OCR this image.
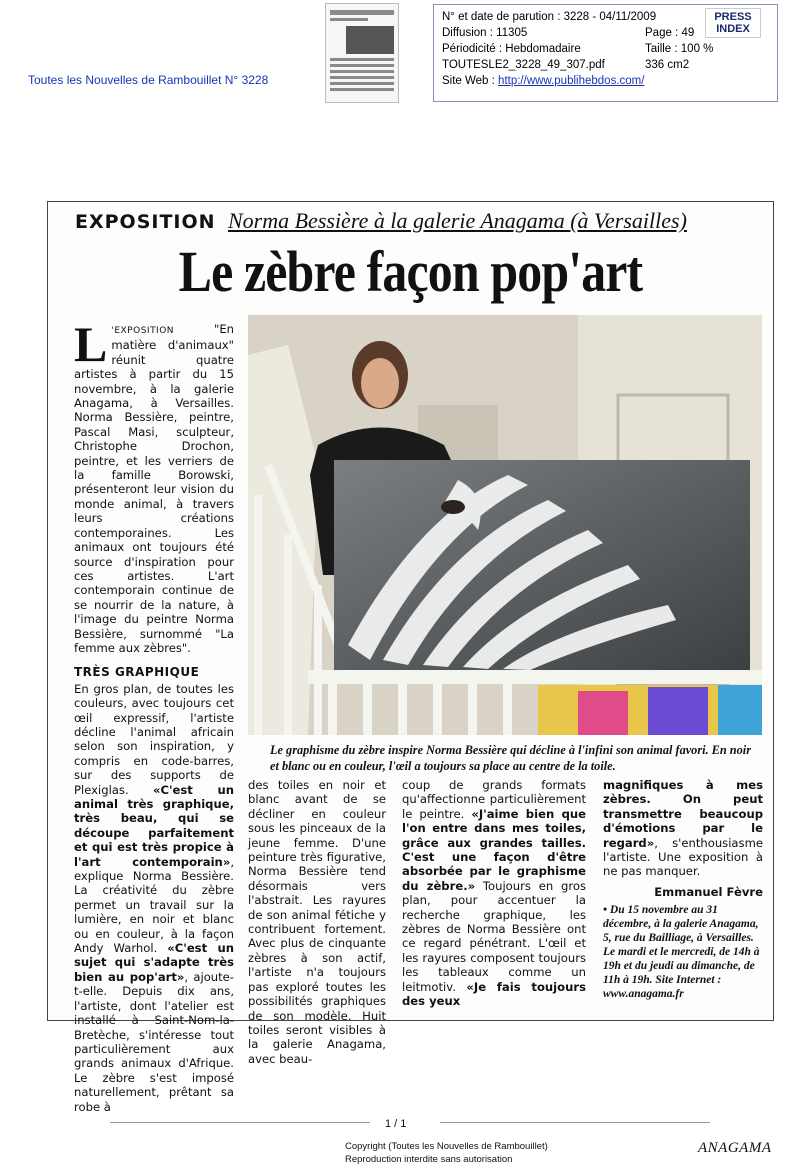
Toutes les Nouvelles de Rambouillet N° 3228
N° et date de parution : 3228 - 04/11/2009
Diffusion : 11305	Page : 49
Périodicité : Hebdomadaire	Taille : 100 %
TOUTESLE2_3228_49_307.pdf	336 cm2
Site Web : http://www.publihebdos.com/
PRESS
INDEX
EXPOSITION Norma Bessière à la galerie Anagama (à Versailles)
Le zèbre façon pop'art
L 'EXPOSITION "En matière d'animaux" réunit quatre artistes à partir du 15 novembre, à la galerie Anagama, à Versailles. Norma Bessière, peintre, Pascal Masi, sculpteur, Christophe Drochon, peintre, et les verriers de la famille Borowski, présenteront leur vision du monde animal, à travers leurs créations contemporaines. Les animaux ont toujours été source d'inspiration pour ces artistes. L'art contemporain continue de se nourrir de la nature, à l'image du peintre Norma Bessière, surnommé "La femme aux zèbres".
TRÈS GRAPHIQUE
En gros plan, de toutes les couleurs, avec toujours cet œil expressif, l'artiste décline l'animal africain selon son inspiration, y compris en code-barres, sur des supports de Plexiglas. «C'est un animal très graphique, très beau, qui se découpe parfaitement et qui est très propice à l'art contemporain», explique Norma Bessière. La créativité du zèbre permet un travail sur la lumière, en noir et blanc ou en couleur, à la façon Andy Warhol. «C'est un sujet qui s'adapte très bien au pop'art», ajoute-t-elle. Depuis dix ans, l'artiste, dont l'atelier est installé à Saint-Nom-la-Bretèche, s'intéresse tout particulièrement aux grands animaux d'Afrique. Le zèbre s'est imposé naturellement, prêtant sa robe à
Le graphisme du zèbre inspire Norma Bessière qui décline à l'infini son animal favori. En noir et blanc ou en couleur, l'œil a toujours sa place au centre de la toile.
des toiles en noir et blanc avant de se décliner en couleur sous les pinceaux de la jeune femme. D'une peinture très figurative, Norma Bessière tend désormais vers l'abstrait. Les rayures de son animal fétiche y contribuent fortement. Avec plus de cinquante zèbres à son actif, l'artiste n'a toujours pas exploré toutes les possibilités graphiques de son modèle. Huit toiles seront visibles à la galerie Anagama, avec beau-
coup de grands formats qu'affectionne particulièrement le peintre. «J'aime bien que l'on entre dans mes toiles, grâce aux grandes tailles. C'est une façon d'être absorbée par le graphisme du zèbre.» Toujours en gros plan, pour accentuer la recherche graphique, les zèbres de Norma Bessière ont ce regard pénétrant. L'œil et les rayures composent toujours les tableaux comme un leitmotiv. «Je fais toujours des yeux
magnifiques à mes zèbres. On peut transmettre beaucoup d'émotions par le regard», s'enthousiasme l'artiste. Une exposition à ne pas manquer.
Emmanuel Fèvre
• Du 15 novembre au 31 décembre, à la galerie Anagama, 5, rue du Bailliage, à Versailles. Le mardi et le mercredi, de 14h à 19h et du jeudi au dimanche, de 11h à 19h. Site Internet : www.anagama.fr
1 / 1
Copyright (Toutes les Nouvelles de Rambouillet)
Reproduction interdite sans autorisation
ANAGAMA
